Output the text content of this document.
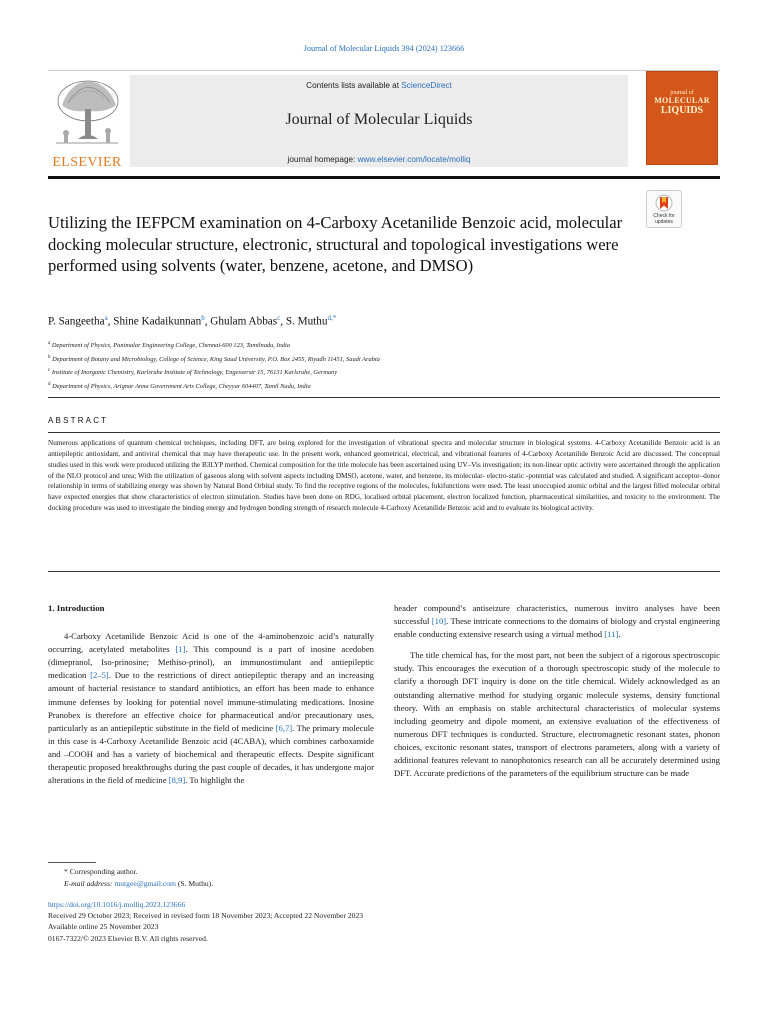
Journal of Molecular Liquids 394 (2024) 123666
ELSEVIER
Contents lists available at ScienceDirect
Journal of Molecular Liquids
journal homepage: www.elsevier.com/locate/molliq
journal of
MOLECULAR
LIQUIDS
Check for
updates
Utilizing the IEFPCM examination on 4-Carboxy Acetanilide Benzoic acid, molecular docking molecular structure, electronic, structural and topological investigations were performed using solvents (water, benzene, acetone, and DMSO)
P. Sangeetha$^a$, Shine Kadaikunnan$^b$, Ghulam Abbas$^c$, S. Muthu$^{d,*}$
$^a$ Department of Physics, Panimalar Engineering College, Chennai-600 123, Tamilnadu, India
$^b$ Department of Botany and Microbiology, College of Science, King Saud University, P.O. Box 2455, Riyadh 11451, Saudi Arabia
$^c$ Institute of Inorganic Chemistry, Karlsruhe Institute of Technology, Engesserstr 15, 76131 Karlsruhe, Germany
$^d$ Department of Physics, Arignar Anna Government Arts College, Cheyyar 604407, Tamil Nadu, India
ABSTRACT
Numerous applications of quantum chemical techniques, including DFT, are being explored for the investigation of vibrational spectra and molecular structure in biological systems. 4-Carboxy Acetanilide Benzoic acid is an antiepileptic antioxidant, and antiviral chemical that may have therapeutic use. In the present work, enhanced geometrical, electrical, and vibrational features of 4-Carboxy Acetanilide Benzoic Acid are discussed. The conceptual studies used in this work were produced utilizing the B3LYP method. Chemical composition for the title molecule has been ascertained using UV–Vis investigation; its non-linear optic activity were ascertained through the application of the NLO protocol and urea; With the utilization of gaseous along with solvent aspects including DMSO, acetone, water, and benzene, its molecular- electro-static -potential was calculated and studied. A significant acceptor–donor relationship in terms of stabilizing energy was shown by Natural Bond Orbital study. To find the receptive regions of the molecules, fukifunctions were used. The least unoccupied atomic orbital and the largest filled molecular orbital have expected energies that show characteristics of electron stimulation. Studies have been done on RDG, localised orbital placement, electron localized function, pharmaceutical similarities, and toxicity to the environment. The docking procedure was used to investigate the binding energy and hydrogen bonding strength of research molecule 4-Carboxy Acetanilide Benzoic acid and to evaluate its biological activity.
1. Introduction
4-Carboxy Acetanilide Benzoic Acid is one of the 4-aminobenzoic acid’s naturally occurring, acetylated metabolites [1]. This compound is a part of inosine acedoben (dimepranol, Iso-prinosine; Methiso-prinol), an immunostimulant and antiepileptic medication [2–5]. Due to the restrictions of direct antiepileptic therapy and an increasing amount of bacterial resistance to standard antibiotics, an effort has been made to enhance immune defenses by looking for potential novel immune-stimulating medications. Inosine Pranobex is therefore an effective choice for pharmaceutical and/or precautionary uses, particularly as an antiepileptic substitute in the field of medicine [6,7]. The primary molecule in this case is 4-Carboxy Acetanilide Benzoic acid (4CABA), which combines carboxamide and –COOH and has a variety of biochemical and therapeutic effects. Despite significant therapeutic proposed breakthroughs during the past couple of decades, it has undergone major alterations in the field of medicine [8,9]. To highlight the
header compound’s antiseizure characteristics, numerous invitro analyses have been successful [10]. These intricate connections to the domains of biology and crystal engineering enable conducting extensive research using a virtual method [11].
The title chemical has, for the most part, not been the subject of a rigorous spectroscopic study. This encourages the execution of a thorough spectroscopic study of the molecule to clarify a thorough DFT inquiry is done on the title chemical. Widely acknowledged as an outstanding alternative method for studying organic molecule systems, density functional theory. With an emphasis on stable architectural characteristics of molecular systems including geometry and dipole moment, an extensive evaluation of the effectiveness of numerous DFT techniques is conducted. Structure, electromagnetic resonant states, phonon choices, excitonic resonant states, transport of electrons parameters, along with a variety of additional features relevant to nanophotonics research can all be accurately determined using DFT. Accurate predictions of the parameters of the equilibrium structure can be made
* Corresponding author.
E-mail address: mutgee@gmail.com (S. Muthu).
https://doi.org/10.1016/j.molliq.2023.123666
Received 29 October 2023; Received in revised form 18 November 2023; Accepted 22 November 2023
Available online 25 November 2023
0167-7322/© 2023 Elsevier B.V. All rights reserved.
